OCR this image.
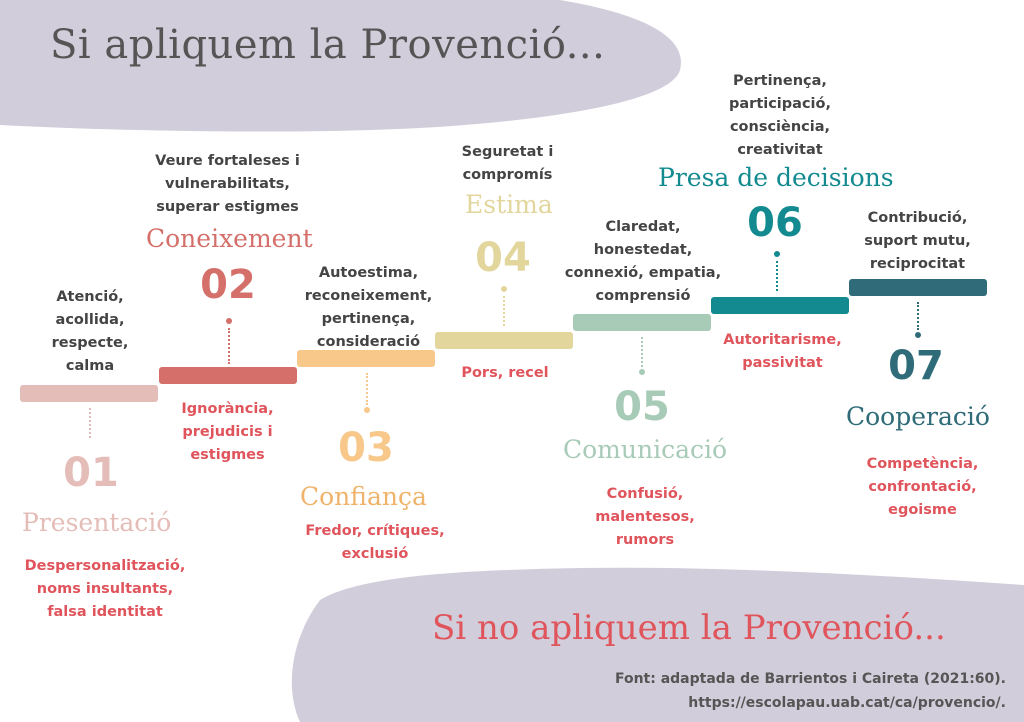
Si apliquem la Provenció...
Atenció,
acollida,
respecte,
calma
01
Presentació
Despersonalització,
noms insultants,
falsa identitat
Veure fortaleses i
vulnerabilitats,
superar estigmes
Coneixement
02
Ignorància,
prejudicis i
estigmes
Autoestima,
reconeixement,
pertinença,
consideració
03
Confiança
Fredor, crítiques,
exclusió
Seguretat i
compromís
Estima
04
Pors, recel
Claredat,
honestedat,
connexió, empatia,
comprensió
05
Comunicació
Confusió,
malentesos,
rumors
Pertinença,
participació,
consciència,
creativitat
Presa de decisions
06
Autoritarisme,
passivitat
Contribució,
suport mutu,
reciprocitat
07
Cooperació
Competència,
confrontació,
egoisme
Si no apliquem la Provenció...
Font: adaptada de Barrientos i Caireta (2021:60).
https://escolapau.uab.cat/ca/provencio/.
